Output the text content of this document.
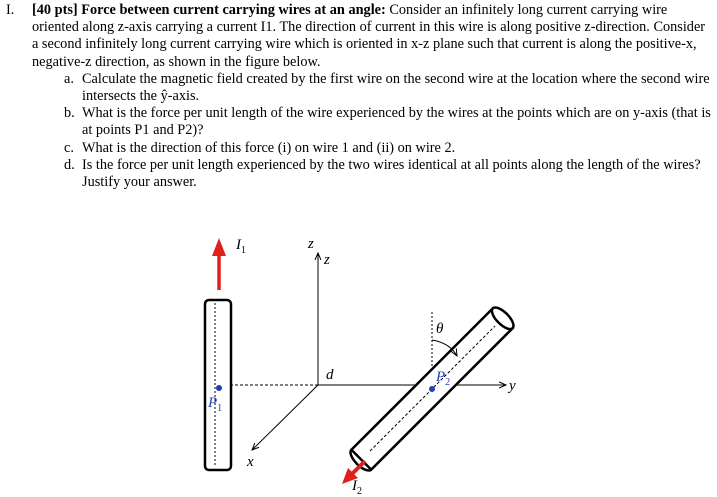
I.	[40 pts] Force between current carrying wires at an angle: Consider an infinitely long current carrying wire oriented along z-axis carrying a current I1. The direction of current in this wire is along positive z-direction. Consider a second infinitely long current carrying wire which is oriented in x-z plane such that current is along the positive-x, negative-z direction, as shown in the figure below.
a. Calculate the magnetic field created by the first wire on the second wire at the location where the second wire intersects the ŷ-axis.
b. What is the force per unit length of the wire experienced by the wires at the points which are on y-axis (that is at points P1 and P2)?
c. What is the direction of this force (i) on wire 1 and (ii) on wire 2.
d. Is the force per unit length experienced by the two wires identical at all points along the length of the wires? Justify your answer.
$I_1$	z
z
d
θ
$P_1$
$P_2$	y
x
$I_2$
